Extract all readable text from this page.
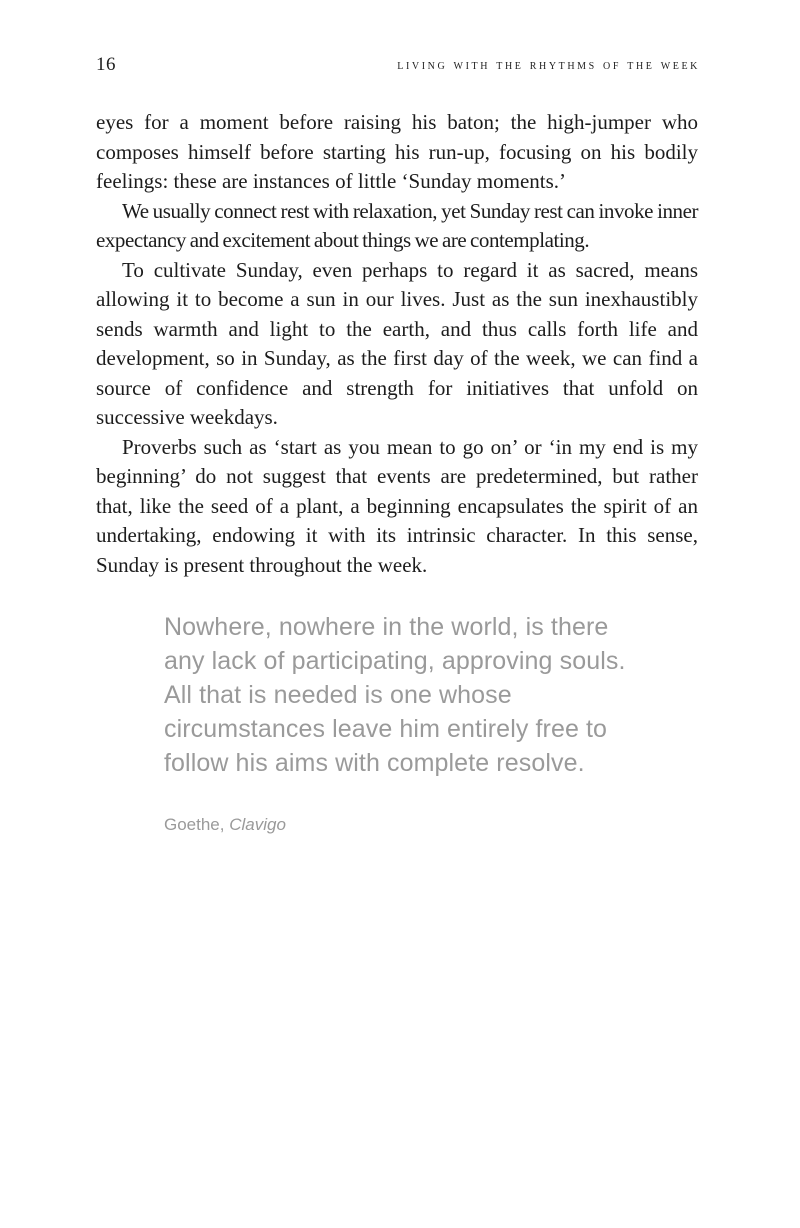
16	living with the rhythms of the week

eyes for a moment before raising his baton; the high-jumper who composes himself before starting his run-up, focusing on his bodily feelings: these are instances of little ‘Sunday moments.’

We usually connect rest with relaxation, yet Sunday rest can invoke inner expectancy and excitement about things we are contemplating.

To cultivate Sunday, even perhaps to regard it as sacred, means allowing it to become a sun in our lives. Just as the sun inexhaustibly sends warmth and light to the earth, and thus calls forth life and development, so in Sunday, as the first day of the week, we can find a source of confidence and strength for initiatives that unfold on successive weekdays.

Proverbs such as ‘start as you mean to go on’ or ‘in my end is my beginning’ do not suggest that events are predetermined, but rather that, like the seed of a plant, a beginning encapsulates the spirit of an undertaking, endowing it with its intrinsic character. In this sense, Sunday is present throughout the week.

Nowhere, nowhere in the world, is there any lack of participating, approving souls. All that is needed is one whose circumstances leave him entirely free to follow his aims with complete resolve.

Goethe, Clavigo
